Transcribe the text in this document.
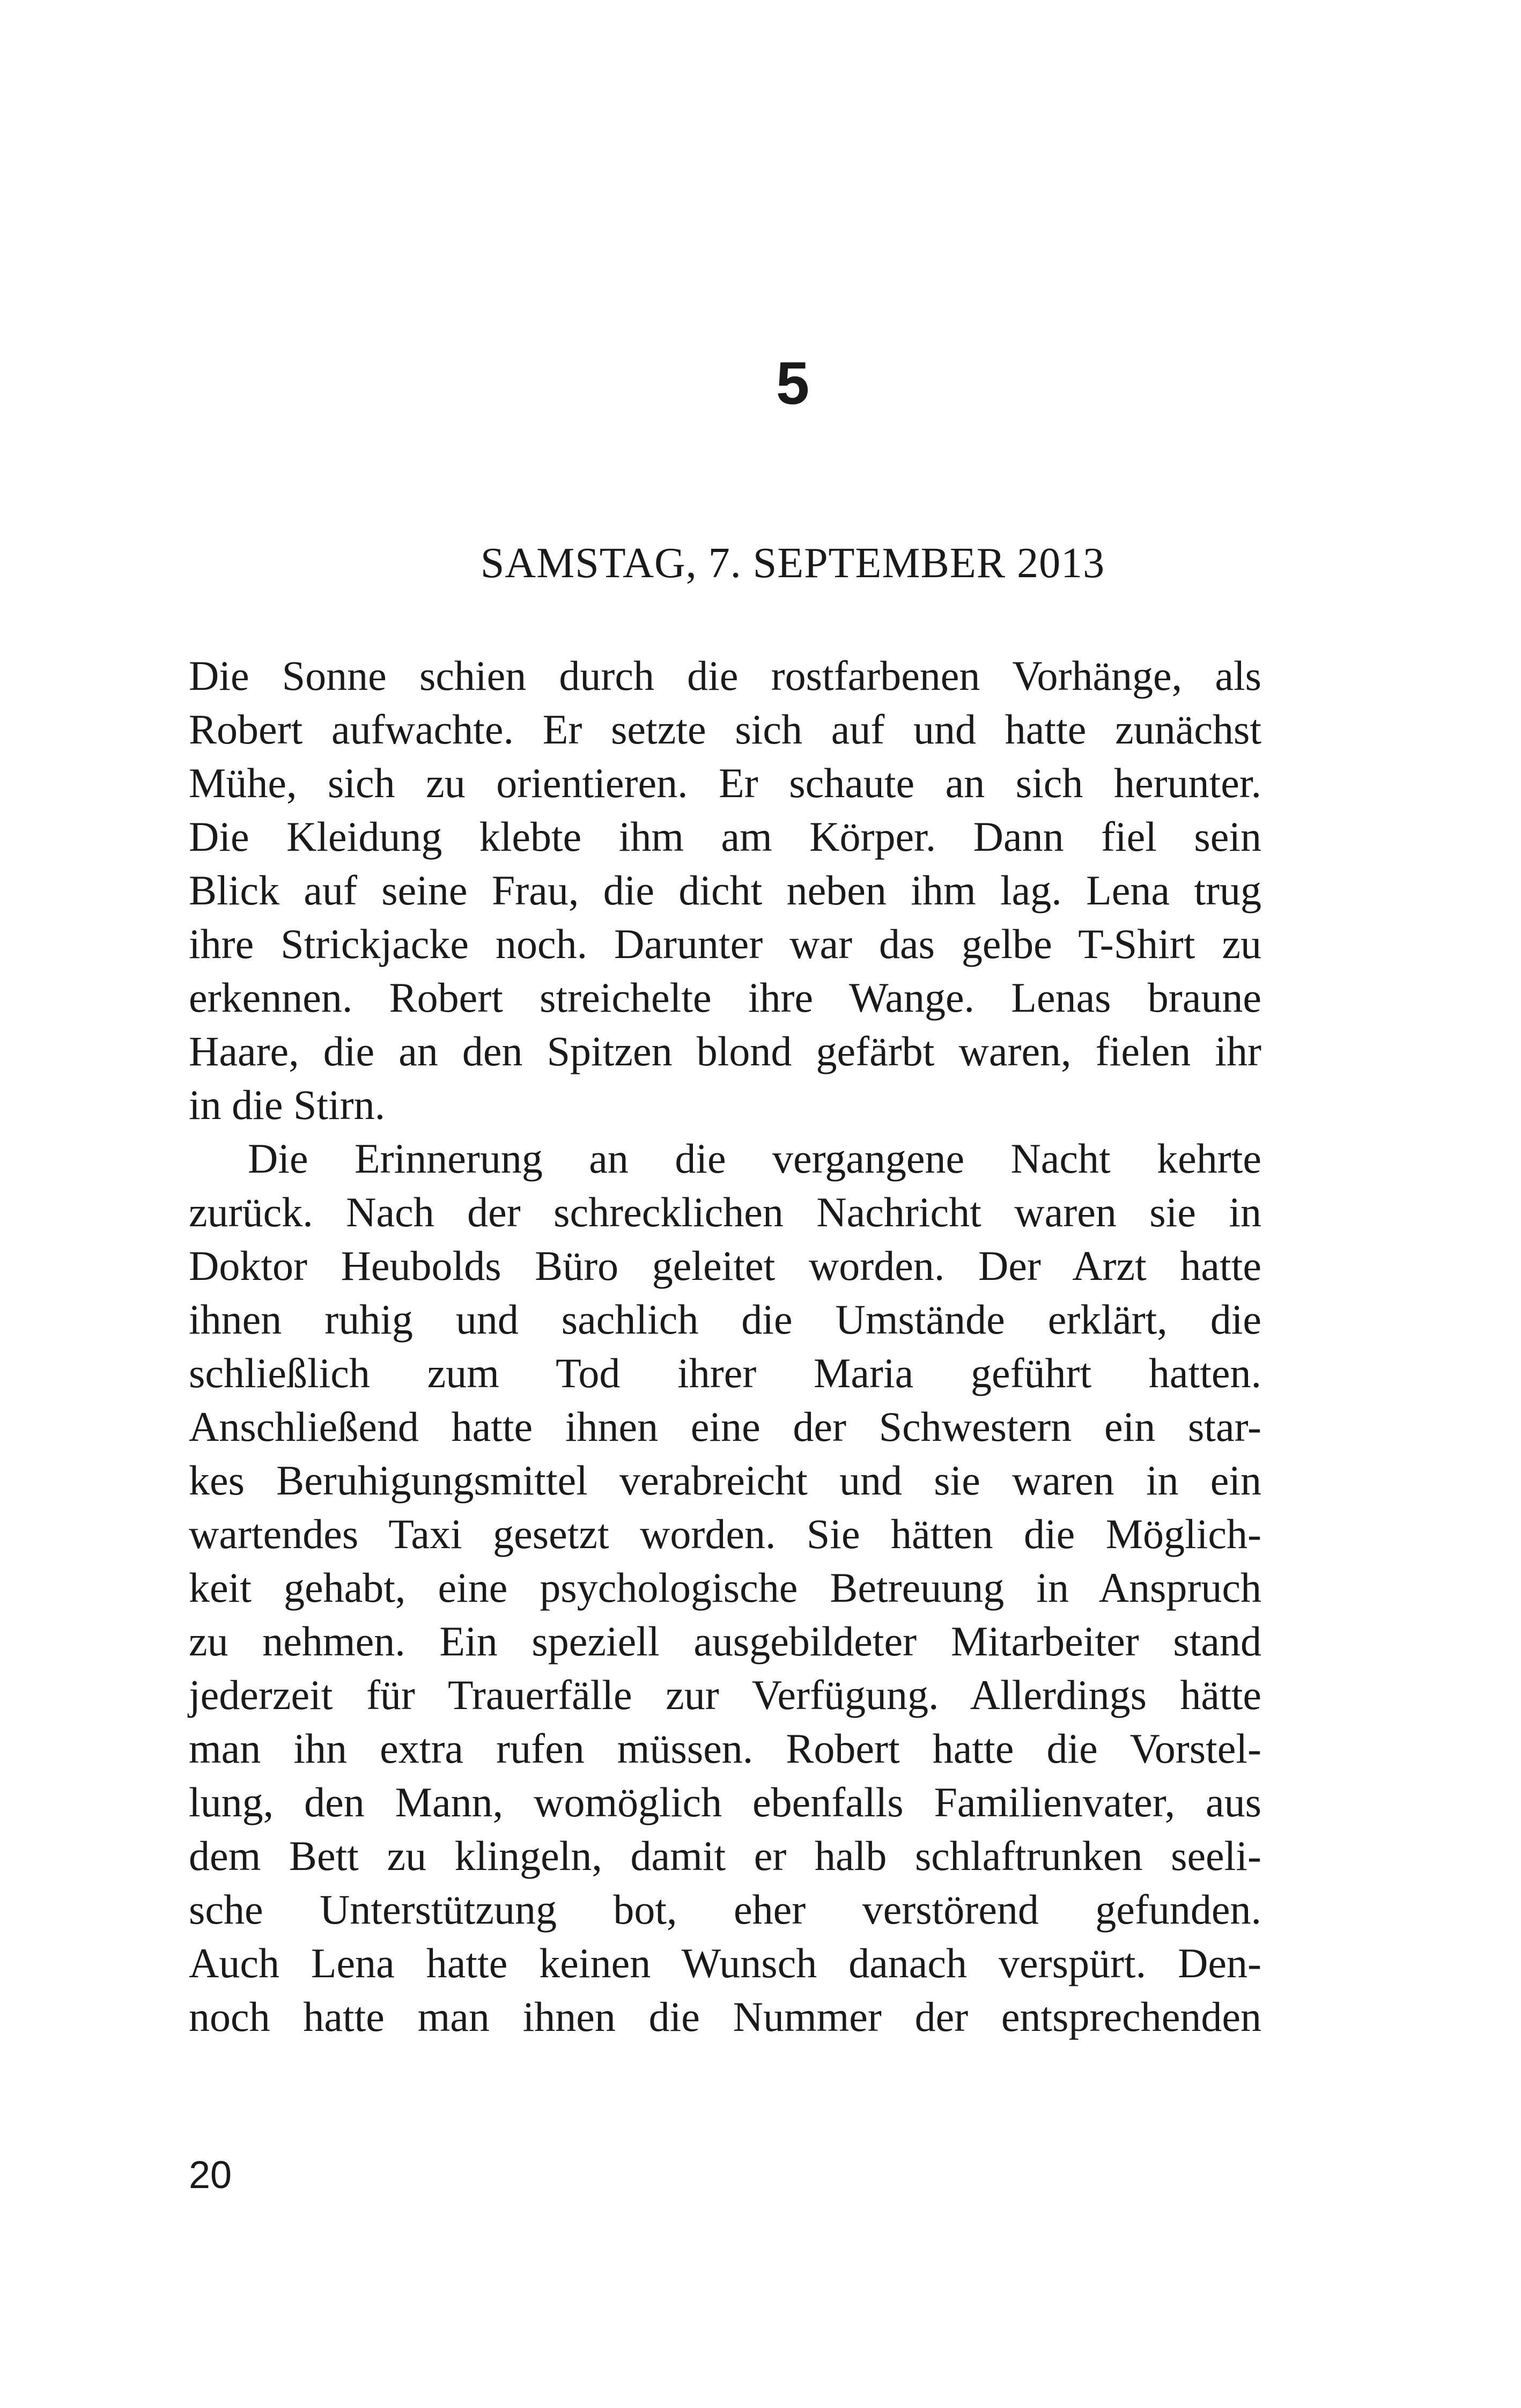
5
SAMSTAG, 7. SEPTEMBER 2013
Die Sonne schien durch die rostfarbenen Vorhänge, als
Robert aufwachte. Er setzte sich auf und hatte zunächst
Mühe, sich zu orientieren. Er schaute an sich herunter.
Die Kleidung klebte ihm am Körper. Dann fiel sein
Blick auf seine Frau, die dicht neben ihm lag. Lena trug
ihre Strickjacke noch. Darunter war das gelbe T-Shirt zu
erkennen. Robert streichelte ihre Wange. Lenas braune
Haare, die an den Spitzen blond gefärbt waren, fielen ihr
in die Stirn.
Die Erinnerung an die vergangene Nacht kehrte
zurück. Nach der schrecklichen Nachricht waren sie in
Doktor Heubolds Büro geleitet worden. Der Arzt hatte
ihnen ruhig und sachlich die Umstände erklärt, die
schließlich zum Tod ihrer Maria geführt hatten.
Anschließend hatte ihnen eine der Schwestern ein star-
kes Beruhigungsmittel verabreicht und sie waren in ein
wartendes Taxi gesetzt worden. Sie hätten die Möglich-
keit gehabt, eine psychologische Betreuung in Anspruch
zu nehmen. Ein speziell ausgebildeter Mitarbeiter stand
jederzeit für Trauerfälle zur Verfügung. Allerdings hätte
man ihn extra rufen müssen. Robert hatte die Vorstel-
lung, den Mann, womöglich ebenfalls Familienvater, aus
dem Bett zu klingeln, damit er halb schlaftrunken seeli-
sche Unterstützung bot, eher verstörend gefunden.
Auch Lena hatte keinen Wunsch danach verspürt. Den-
noch hatte man ihnen die Nummer der entsprechenden
20
